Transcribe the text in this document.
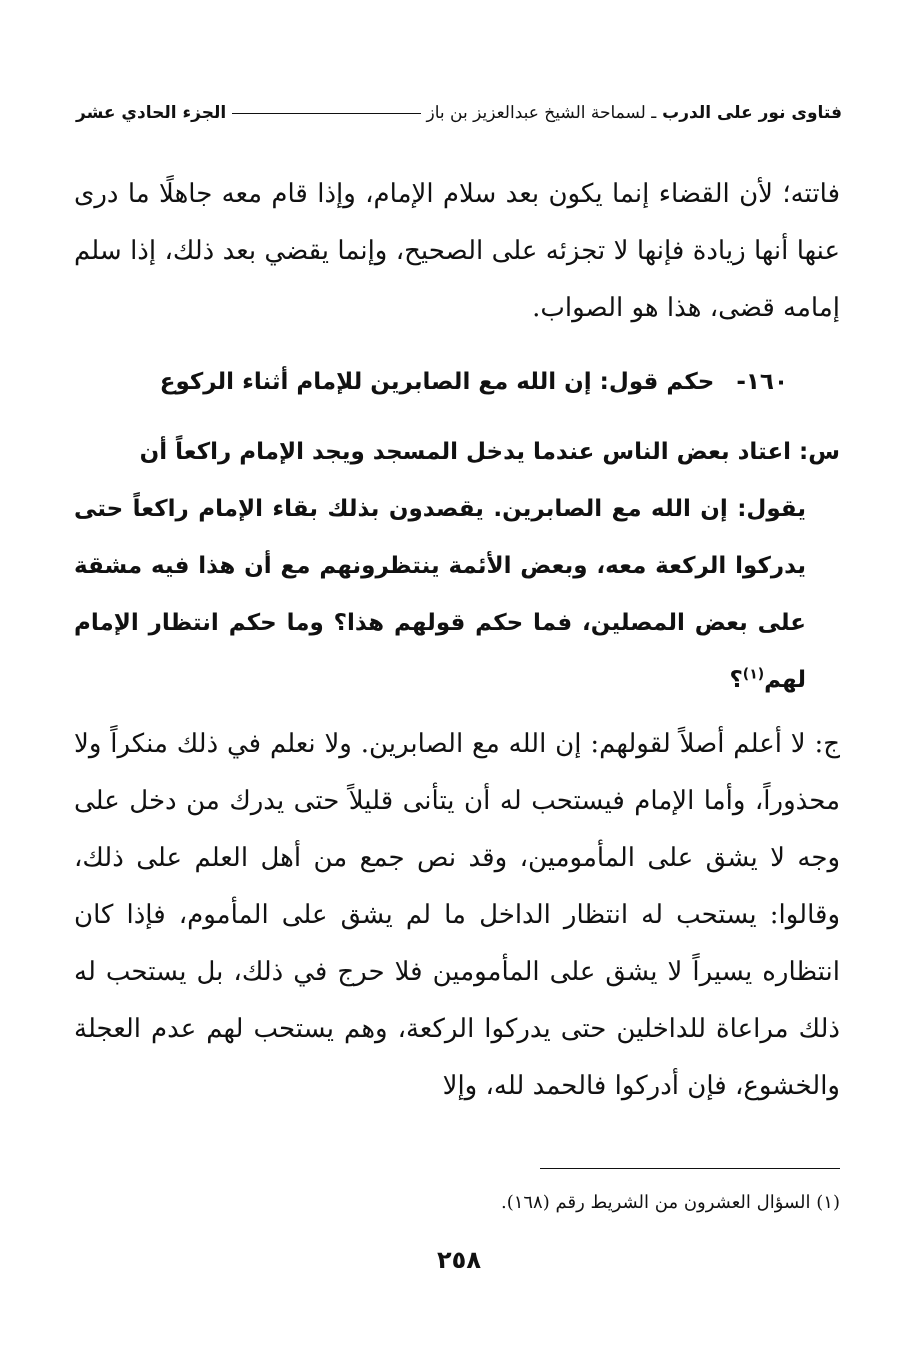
فتاوى نور على الدرب ـ لسماحة الشيخ عبدالعزيز بن باز
الجزء الحادي عشر
فاتته؛ لأن القضاء إنما يكون بعد سلام الإمام، وإذا قام معه جاهلًا ما درى عنها أنها زيادة فإنها لا تجزئه على الصحيح، وإنما يقضي بعد ذلك، إذا سلم إمامه قضى، هذا هو الصواب.
١٦٠- حكم قول: إن الله مع الصابرين للإمام أثناء الركوع
س: اعتاد بعض الناس عندما يدخل المسجد ويجد الإمام راكعاً أن
يقول: إن الله مع الصابرين. يقصدون بذلك بقاء الإمام راكعاً حتى يدركوا الركعة معه، وبعض الأئمة ينتظرونهم مع أن هذا فيه مشقة على بعض المصلين، فما حكم قولهم هذا؟ وما حكم انتظار الإمام لهم$^{(١)}$؟
ج: لا أعلم أصلاً لقولهم: إن الله مع الصابرين. ولا نعلم في ذلك منكراً ولا محذوراً، وأما الإمام فيستحب له أن يتأنى قليلاً حتى يدرك من دخل على وجه لا يشق على المأمومين، وقد نص جمع من أهل العلم على ذلك، وقالوا: يستحب له انتظار الداخل ما لم يشق على المأموم، فإذا كان انتظاره يسيراً لا يشق على المأمومين فلا حرج في ذلك، بل يستحب له ذلك مراعاة للداخلين حتى يدركوا الركعة، وهم يستحب لهم عدم العجلة والخشوع، فإن أدركوا فالحمد لله، وإلا
(١) السؤال العشرون من الشريط رقم (١٦٨).
٢٥٨
